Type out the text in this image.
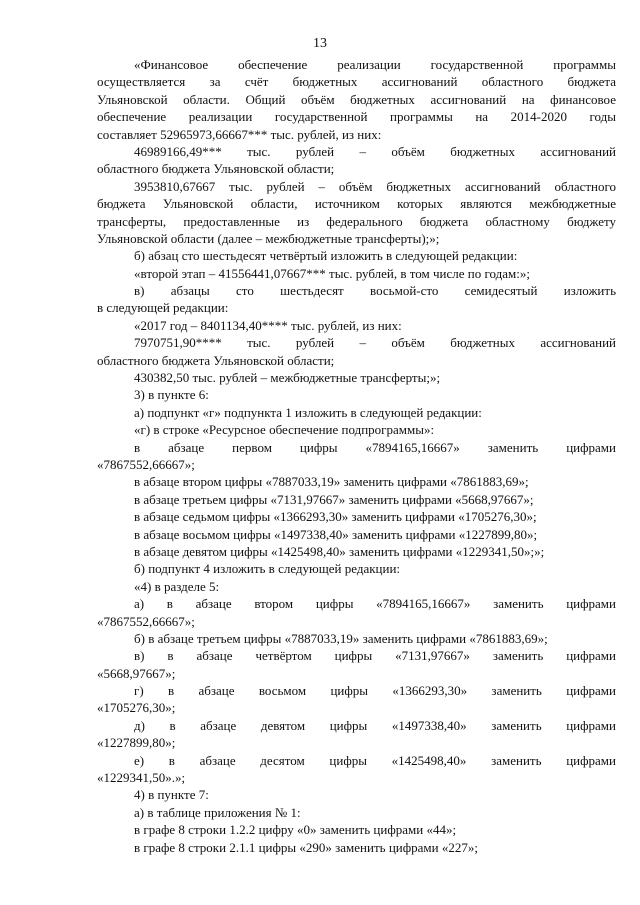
13
«Финансовое обеспечение реализации государственной программы
осуществляется за счёт бюджетных ассигнований областного бюджета
Ульяновской области. Общий объём бюджетных ассигнований на финансовое
обеспечение реализации государственной программы на 2014-2020 годы
составляет 52965973,66667*** тыс. рублей, из них:
46989166,49*** тыс. рублей – объём бюджетных ассигнований
областного бюджета Ульяновской области;
3953810,67667 тыс. рублей – объём бюджетных ассигнований областного
бюджета Ульяновской области, источником которых являются межбюджетные
трансферты, предоставленные из федерального бюджета областному бюджету
Ульяновской области (далее – межбюджетные трансферты);»;
б) абзац сто шестьдесят четвёртый изложить в следующей редакции:
«второй этап – 41556441,07667*** тыс. рублей, в том числе по годам:»;
в) абзацы сто шестьдесят восьмой-сто семидесятый изложить
в следующей редакции:
«2017 год – 8401134,40**** тыс. рублей, из них:
7970751,90**** тыс. рублей – объём бюджетных ассигнований
областного бюджета Ульяновской области;
430382,50 тыс. рублей – межбюджетные трансферты;»;
3) в пункте 6:
а) подпункт «г» подпункта 1 изложить в следующей редакции:
«г) в строке «Ресурсное обеспечение подпрограммы»:
в абзаце первом цифры «7894165,16667» заменить цифрами
«7867552,66667»;
в абзаце втором цифры «7887033,19» заменить цифрами «7861883,69»;
в абзаце третьем цифры «7131,97667» заменить цифрами «5668,97667»;
в абзаце седьмом цифры «1366293,30» заменить цифрами «1705276,30»;
в абзаце восьмом цифры «1497338,40» заменить цифрами «1227899,80»;
в абзаце девятом цифры «1425498,40» заменить цифрами «1229341,50»;»;
б) подпункт 4 изложить в следующей редакции:
«4) в разделе 5:
а) в абзаце втором цифры «7894165,16667» заменить цифрами
«7867552,66667»;
б) в абзаце третьем цифры «7887033,19» заменить цифрами «7861883,69»;
в) в абзаце четвёртом цифры «7131,97667» заменить цифрами
«5668,97667»;
г) в абзаце восьмом цифры «1366293,30» заменить цифрами
«1705276,30»;
д) в абзаце девятом цифры «1497338,40» заменить цифрами
«1227899,80»;
е) в абзаце десятом цифры «1425498,40» заменить цифрами
«1229341,50».»;
4) в пункте 7:
а) в таблице приложения № 1:
в графе 8 строки 1.2.2 цифру «0» заменить цифрами «44»;
в графе 8 строки 2.1.1 цифры «290» заменить цифрами «227»;
